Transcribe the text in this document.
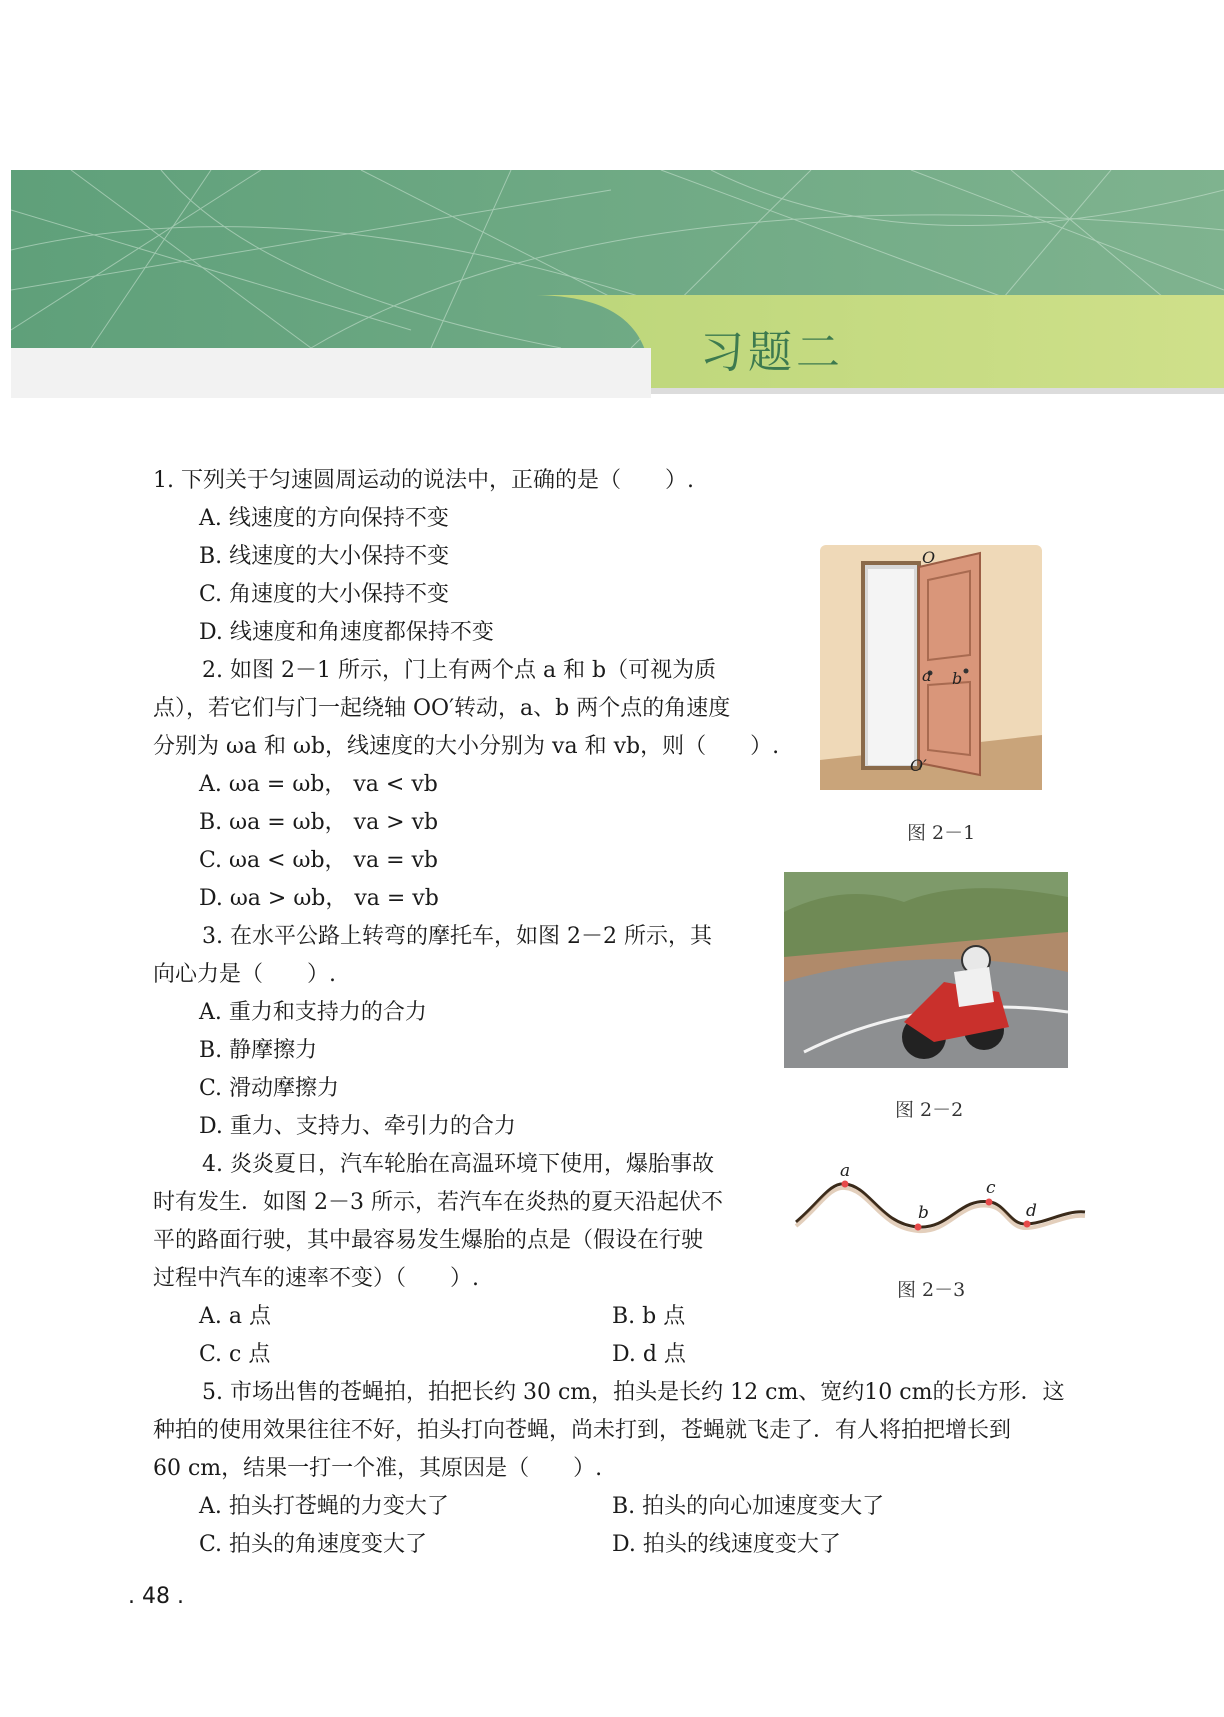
习题二
1. 下列关于匀速圆周运动的说法中，正确的是（　　）.
A. 线速度的方向保持不变
B. 线速度的大小保持不变
C. 角速度的大小保持不变
D. 线速度和角速度都保持不变
2. 如图 2－1 所示，门上有两个点 a 和 b（可视为质
点），若它们与门一起绕轴 OO′转动，a、b 两个点的角速度
分别为 ωa 和 ωb，线速度的大小分别为 va 和 vb，则（　　）.
A. ωa = ωb， va < vb
B. ωa = ωb， va > vb
C. ωa < ωb， va = vb
D. ωa > ωb， va = vb
3. 在水平公路上转弯的摩托车，如图 2－2 所示，其
向心力是（　　）.
A. 重力和支持力的合力
B. 静摩擦力
C. 滑动摩擦力
D. 重力、支持力、牵引力的合力
4. 炎炎夏日，汽车轮胎在高温环境下使用，爆胎事故
时有发生．如图 2－3 所示，若汽车在炎热的夏天沿起伏不
平的路面行驶，其中最容易发生爆胎的点是（假设在行驶
过程中汽车的速率不变）（　　）.
A. a 点	B. b 点
C. c 点	D. d 点
5. 市场出售的苍蝇拍，拍把长约 30 cm，拍头是长约 12 cm、宽约10 cm的长方形．这
种拍的使用效果往往不好，拍头打向苍蝇，尚未打到，苍蝇就飞走了．有人将拍把增长到
60 cm，结果一打一个准，其原因是（　　）.
A. 拍头打苍蝇的力变大了	B. 拍头的向心加速度变大了
C. 拍头的角速度变大了	D. 拍头的线速度变大了
O
a b
O′
图 2－1
图 2－2
a
b
c
d
图 2－3
. 48 .
